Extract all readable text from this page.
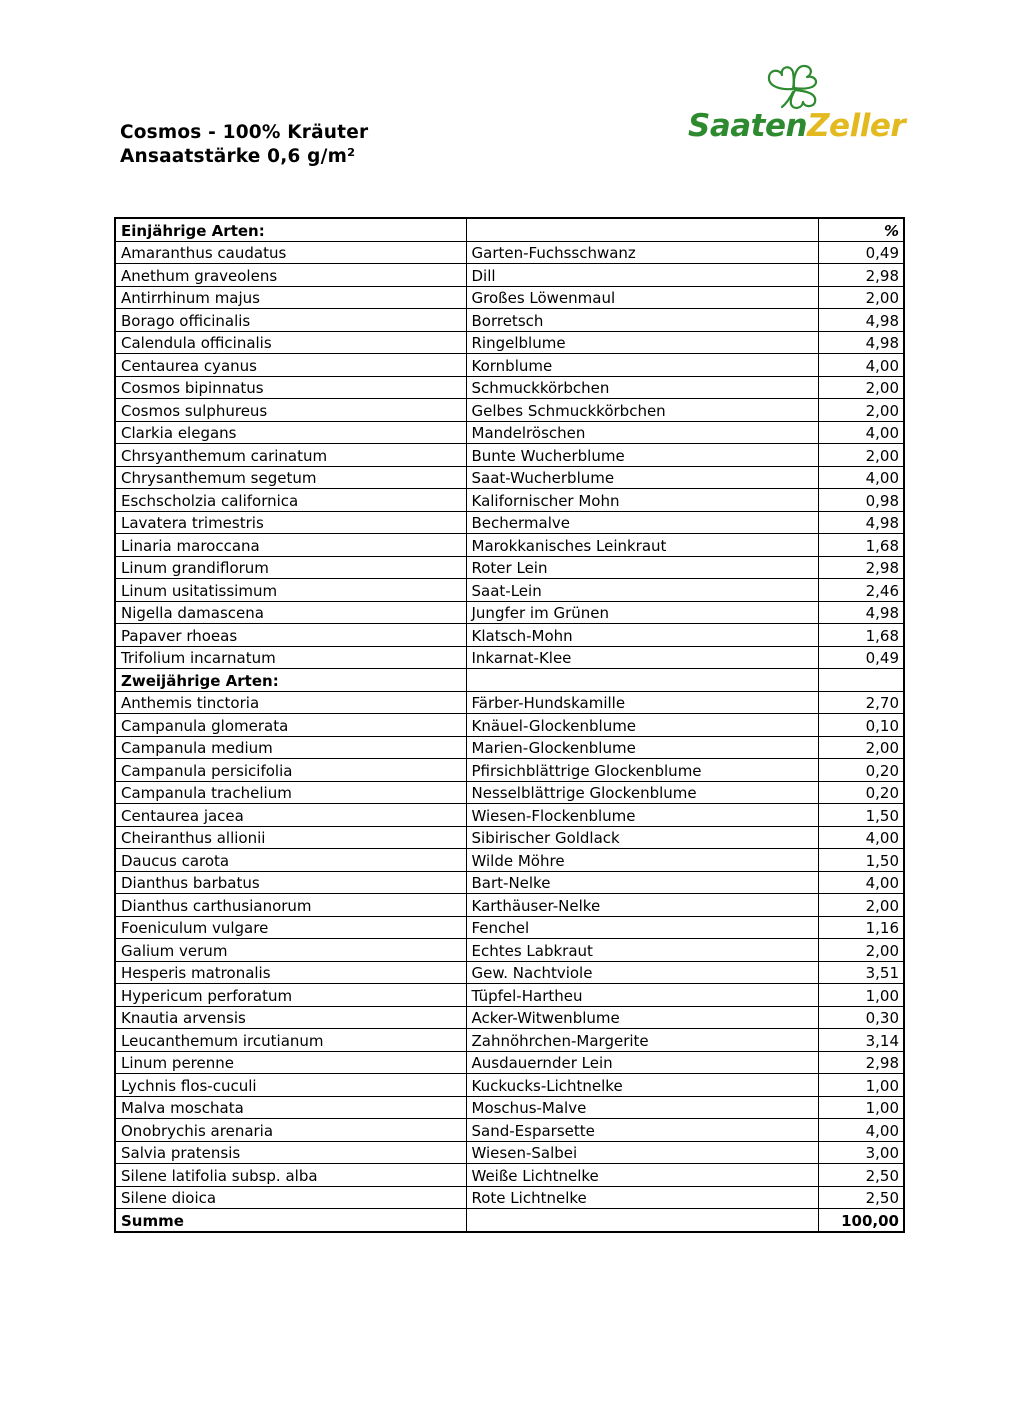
Cosmos - 100% Kräuter
Ansaatstärke 0,6 g/m²
SaatenZeller
Einjährige Arten:		%
Amaranthus caudatus	Garten-Fuchsschwanz	0,49
Anethum graveolens	Dill	2,98
Antirrhinum majus	Großes Löwenmaul	2,00
Borago officinalis	Borretsch	4,98
Calendula officinalis	Ringelblume	4,98
Centaurea cyanus	Kornblume	4,00
Cosmos bipinnatus	Schmuckkörbchen	2,00
Cosmos sulphureus	Gelbes Schmuckkörbchen	2,00
Clarkia elegans	Mandelröschen	4,00
Chrsyanthemum carinatum	Bunte Wucherblume	2,00
Chrysanthemum segetum	Saat-Wucherblume	4,00
Eschscholzia californica	Kalifornischer Mohn	0,98
Lavatera trimestris	Bechermalve	4,98
Linaria maroccana	Marokkanisches Leinkraut	1,68
Linum grandiflorum	Roter Lein	2,98
Linum usitatissimum	Saat-Lein	2,46
Nigella damascena	Jungfer im Grünen	4,98
Papaver rhoeas	Klatsch-Mohn	1,68
Trifolium incarnatum	Inkarnat-Klee	0,49
Zweijährige Arten:		
Anthemis tinctoria	Färber-Hundskamille	2,70
Campanula glomerata	Knäuel-Glockenblume	0,10
Campanula medium	Marien-Glockenblume	2,00
Campanula persicifolia	Pfirsichblättrige Glockenblume	0,20
Campanula trachelium	Nesselblättrige Glockenblume	0,20
Centaurea jacea	Wiesen-Flockenblume	1,50
Cheiranthus allionii	Sibirischer Goldlack	4,00
Daucus carota	Wilde Möhre	1,50
Dianthus barbatus	Bart-Nelke	4,00
Dianthus carthusianorum	Karthäuser-Nelke	2,00
Foeniculum vulgare	Fenchel	1,16
Galium verum	Echtes Labkraut	2,00
Hesperis matronalis	Gew. Nachtviole	3,51
Hypericum perforatum	Tüpfel-Hartheu	1,00
Knautia arvensis	Acker-Witwenblume	0,30
Leucanthemum ircutianum	Zahnöhrchen-Margerite	3,14
Linum perenne	Ausdauernder Lein	2,98
Lychnis flos-cuculi	Kuckucks-Lichtnelke	1,00
Malva moschata	Moschus-Malve	1,00
Onobrychis arenaria	Sand-Esparsette	4,00
Salvia pratensis	Wiesen-Salbei	3,00
Silene latifolia subsp. alba	Weiße Lichtnelke	2,50
Silene dioica	Rote Lichtnelke	2,50
Summe		100,00
